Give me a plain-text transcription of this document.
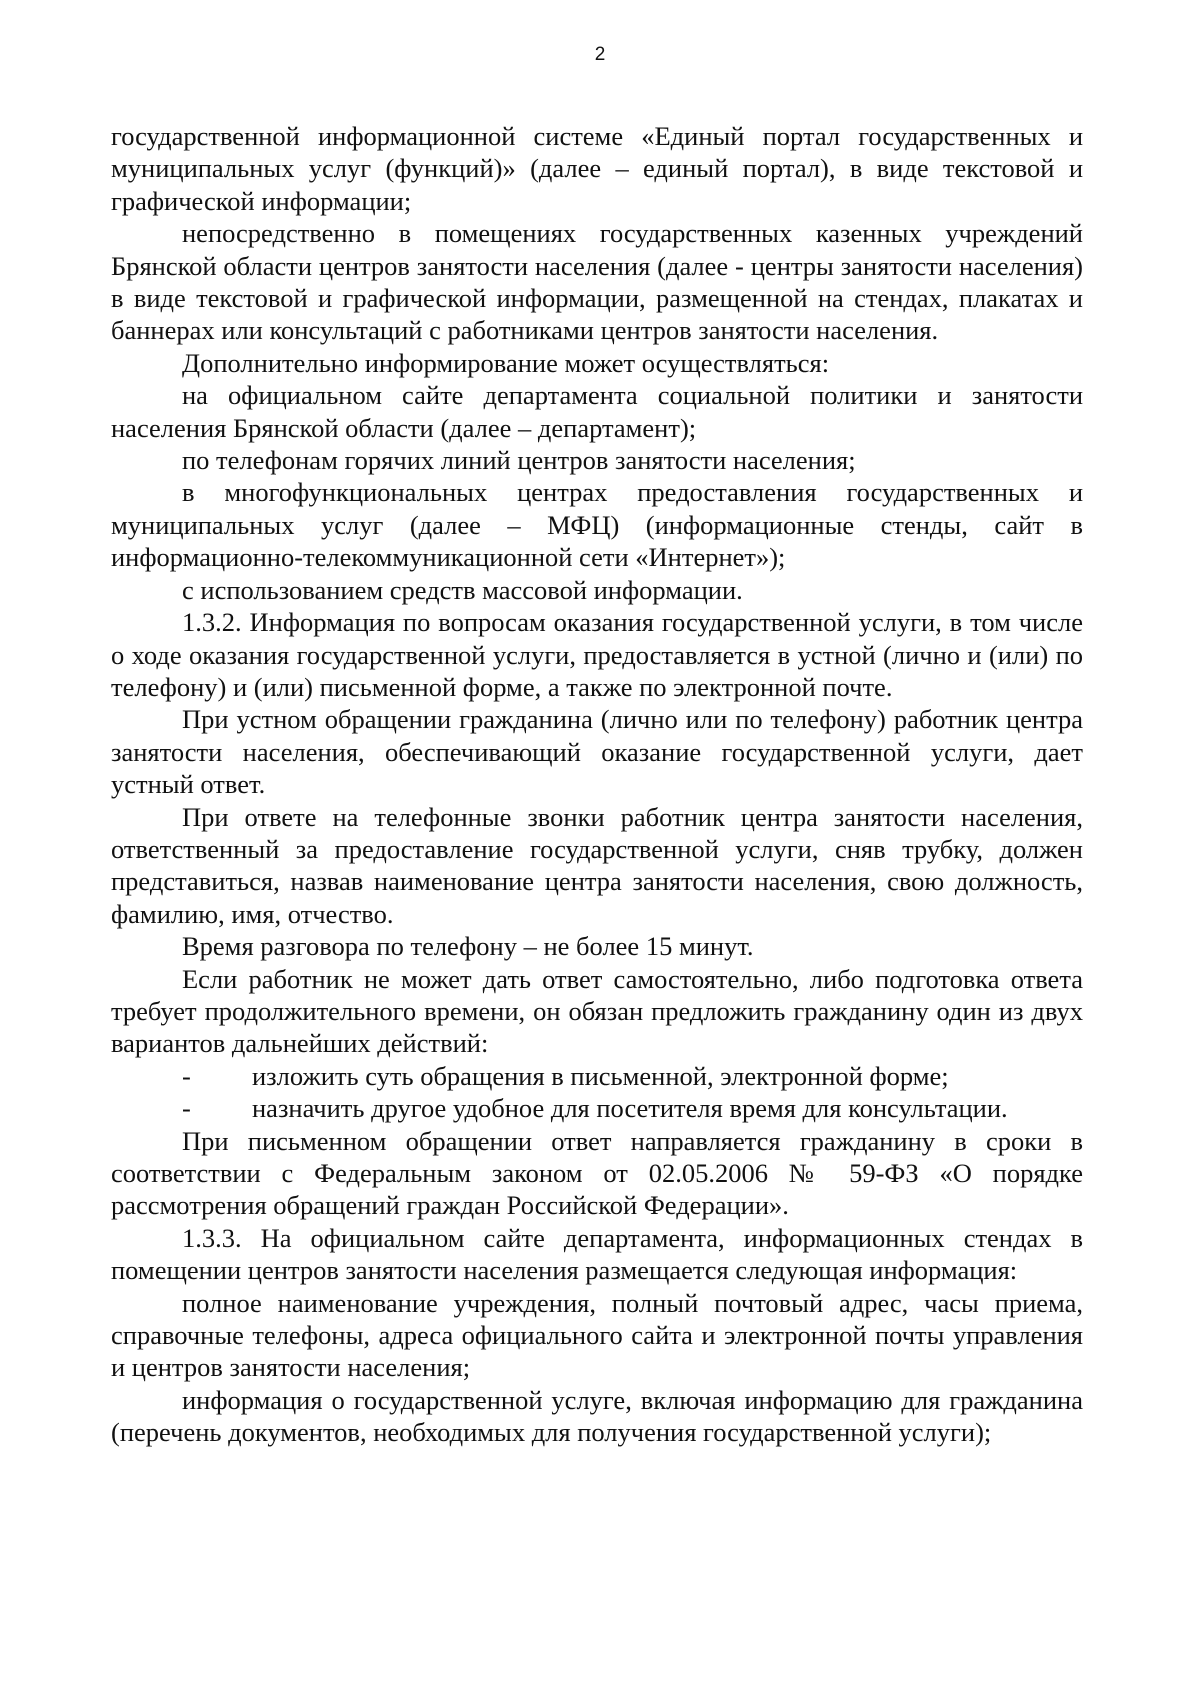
2

государственной информационной системе «Единый портал государственных и муниципальных услуг (функций)» (далее – единый портал), в виде текстовой и графической информации;

непосредственно в помещениях государственных казенных учреждений Брянской области центров занятости населения (далее - центры занятости населения) в виде текстовой и графической информации, размещенной на стендах, плакатах и баннерах или консультаций с работниками центров занятости населения.

Дополнительно информирование может осуществляться:

на официальном сайте департамента социальной политики и занятости населения Брянской области (далее – департамент);

по телефонам горячих линий центров занятости населения;

в многофункциональных центрах предоставления государственных и муниципальных услуг (далее – МФЦ) (информационные стенды, сайт в информационно-телекоммуникационной сети «Интернет»);

с использованием средств массовой информации.

1.3.2. Информация по вопросам оказания государственной услуги, в том числе о ходе оказания государственной услуги, предоставляется в устной (лично и (или) по телефону) и (или) письменной форме, а также по электронной почте.

При устном обращении гражданина (лично или по телефону) работник центра занятости населения, обеспечивающий оказание государственной услуги, дает устный ответ.

При ответе на телефонные звонки работник центра занятости населения, ответственный за предоставление государственной услуги, сняв трубку, должен представиться, назвав наименование центра занятости населения, свою должность, фамилию, имя, отчество.

Время разговора по телефону – не более 15 минут.

Если работник не может дать ответ самостоятельно, либо подготовка ответа требует продолжительного времени, он обязан предложить гражданину один из двух вариантов дальнейших действий:

-	изложить суть обращения в письменной, электронной форме;
-	назначить другое удобное для посетителя время для консультации.

При письменном обращении ответ направляется гражданину в сроки в соответствии с Федеральным законом от 02.05.2006 № 59-ФЗ «О порядке рассмотрения обращений граждан Российской Федерации».

1.3.3. На официальном сайте департамента, информационных стендах в помещении центров занятости населения размещается следующая информация:

полное наименование учреждения, полный почтовый адрес, часы приема, справочные телефоны, адреса официального сайта и электронной почты управления и центров занятости населения;

информация о государственной услуге, включая информацию для гражданина (перечень документов, необходимых для получения государственной услуги);
